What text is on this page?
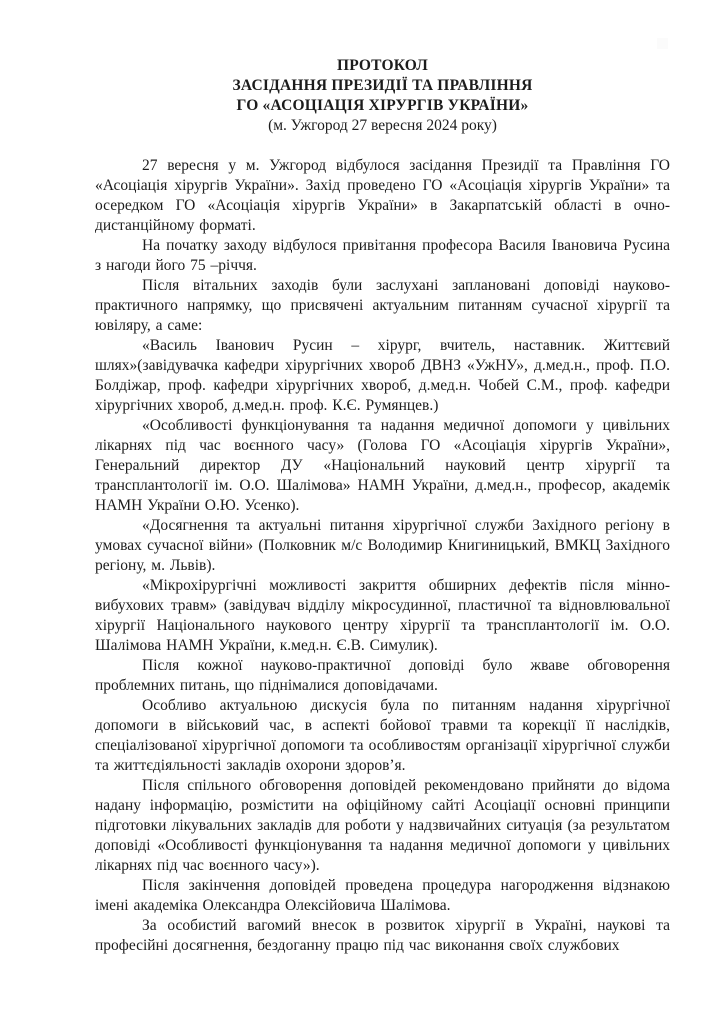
ПРОТОКОЛ
ЗАСІДАННЯ ПРЕЗИДІЇ ТА ПРАВЛІННЯ
ГО «АСОЦІАЦІЯ ХІРУРГІВ УКРАЇНИ»
(м. Ужгород 27 вересня 2024 року)

27 вересня у м. Ужгород відбулося засідання Президії та Правління ГО «Асоціація хірургів України». Захід проведено ГО «Асоціація хірургів України» та осередком ГО «Асоціація хірургів України» в Закарпатській області в очно-дистанційному форматі.

На початку заходу відбулося привітання професора Василя Івановича Русина з нагоди його 75 –річчя.

Після вітальних заходів були заслухані заплановані доповіді науково-практичного напрямку, що присвячені актуальним питанням сучасної хірургії та ювіляру, а саме:

«Василь Іванович Русин – хірург, вчитель, наставник. Життєвий шлях»(завідувачка кафедри хірургічних хвороб ДВНЗ «УжНУ», д.мед.н., проф. П.О. Болдіжар, проф. кафедри хірургічних хвороб, д.мед.н. Чобей С.М., проф. кафедри хірургічних хвороб, д.мед.н. проф. К.Є. Румянцев.)

«Особливості функціонування та надання медичної допомоги у цивільних лікарнях під час воєнного часу» (Голова ГО «Асоціація хірургів України», Генеральний директор ДУ «Національний науковий центр хірургії та трансплантології ім. О.О. Шалімова» НАМН України, д.мед.н., професор, академік НАМН України О.Ю. Усенко).

«Досягнення та актуальні питання хірургічної служби Західного регіону в умовах сучасної війни» (Полковник м/с Володимир Книгиницький, ВМКЦ Західного регіону, м. Львів).

«Мікрохірургічні можливості закриття обширних дефектів після мінно-вибухових травм» (завідувач відділу мікросудинної, пластичної та відновлювальної хірургії Національного наукового центру хірургії та трансплантології ім. О.О. Шалімова НАМН України, к.мед.н. Є.В. Симулик).

Після кожної науково-практичної доповіді було жваве обговорення проблемних питань, що піднімалися доповідачами.

Особливо актуальною дискусія була по питанням надання хірургічної допомоги в військовий час, в аспекті бойової травми та корекції її наслідків, спеціалізованої хірургічної допомоги та особливостям організації хірургічної служби та життєдіяльності закладів охорони здоров’я.

Після спільного обговорення доповідей рекомендовано прийняти до відома надану інформацію, розмістити на офіційному сайті Асоціації основні принципи підготовки лікувальних закладів для роботи у надзвичайних ситуація (за результатом доповіді «Особливості функціонування та надання медичної допомоги у цивільних лікарнях під час воєнного часу»).

Після закінчення доповідей проведена процедура нагородження відзнакою імені академіка Олександра Олексійовича Шалімова.

За особистий вагомий внесок в розвиток хірургії в Україні, наукові та професійні досягнення, бездоганну працю під час виконання своїх службових
